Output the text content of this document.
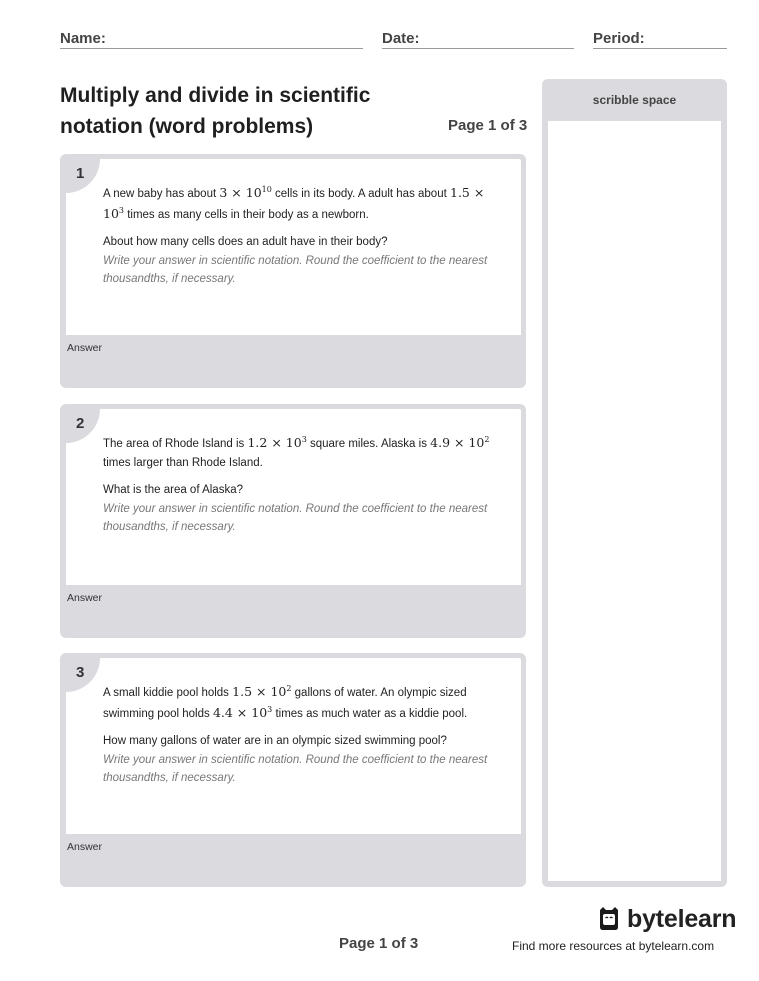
Name:	Date:	Period:
Multiply and divide in scientific
notation (word problems)	Page 1 of 3
1
A new baby has about $3 \times 10^{10}$ cells in its body. A adult has about $1.5 \times 10^3$ times as many cells in their body as a newborn.
About how many cells does an adult have in their body?
Write your answer in scientific notation. Round the coefficient to the nearest thousandths, if necessary.
Answer
2
The area of Rhode Island is $1.2 \times 10^3$ square miles. Alaska is $4.9 \times 10^2$ times larger than Rhode Island.
What is the area of Alaska?
Write your answer in scientific notation. Round the coefficient to the nearest thousandths, if necessary.
Answer
3
A small kiddie pool holds $1.5 \times 10^2$ gallons of water. An olympic sized swimming pool holds $4.4 \times 10^3$ times as much water as a kiddie pool.
How many gallons of water are in an olympic sized swimming pool?
Write your answer in scientific notation. Round the coefficient to the nearest thousandths, if necessary.
Answer
scribble space
Page 1 of 3
bytelearn
Find more resources at bytelearn.com
